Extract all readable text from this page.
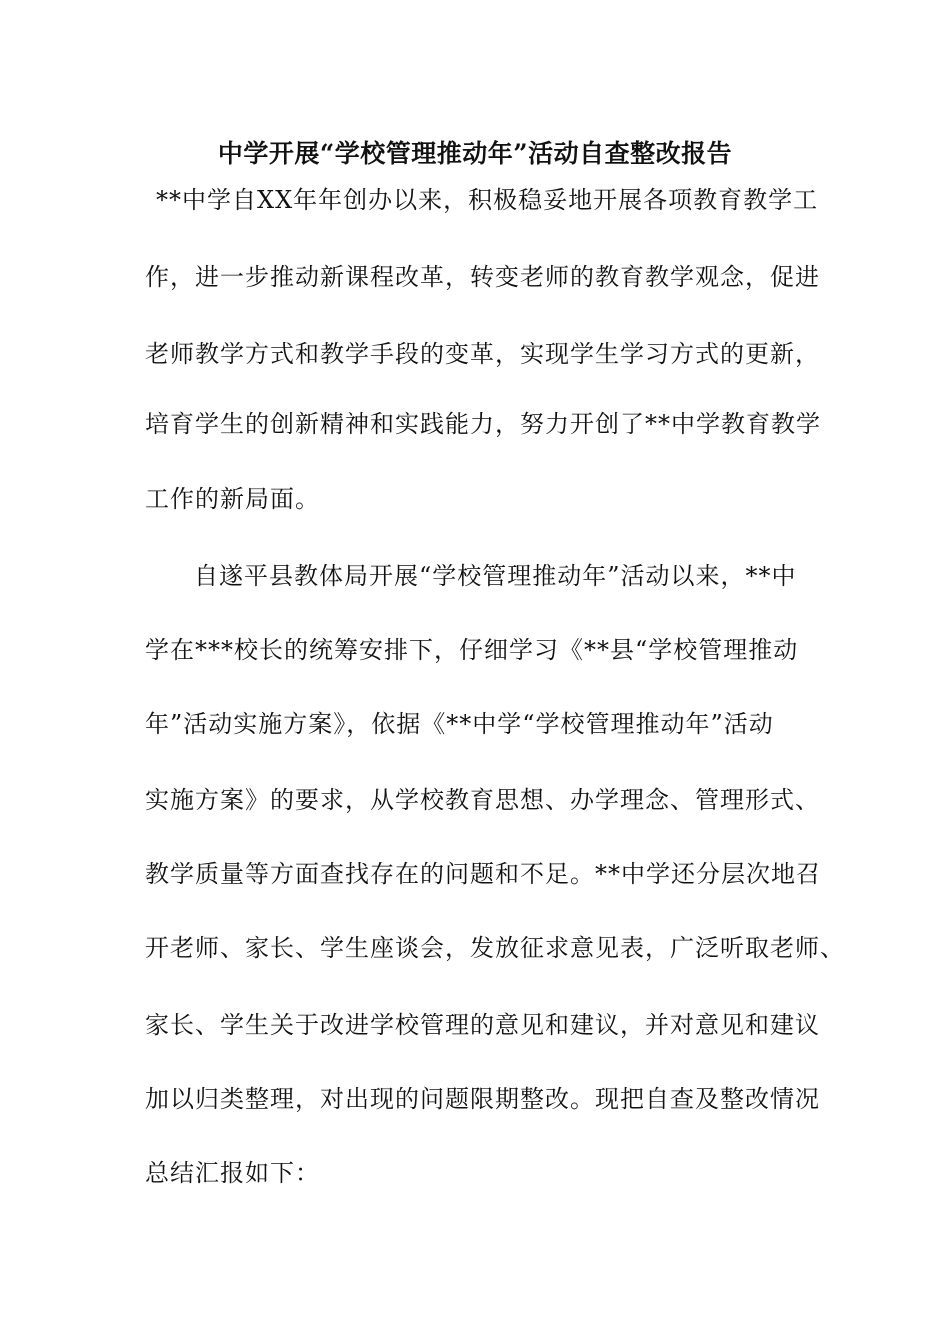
中学开展“学校管理推动年”活动自查整改报告
**中学自XX年年创办以来，积极稳妥地开展各项教育教学工
作，进一步推动新课程改革，转变老师的教育教学观念，促进
老师教学方式和教学手段的变革，实现学生学习方式的更新，
培育学生的创新精神和实践能力，努力开创了**中学教育教学
工作的新局面。
自遂平县教体局开展“学校管理推动年”活动以来，**中
学在***校长的统筹安排下，仔细学习《**县“学校管理推动
年”活动实施方案》，依据《**中学“学校管理推动年”活动
实施方案》的要求，从学校教育思想、办学理念、管理形式、
教学质量等方面查找存在的问题和不足。**中学还分层次地召
开老师、家长、学生座谈会，发放征求意见表，广泛听取老师、
家长、学生关于改进学校管理的意见和建议，并对意见和建议
加以归类整理，对出现的问题限期整改。现把自查及整改情况
总结汇报如下：
